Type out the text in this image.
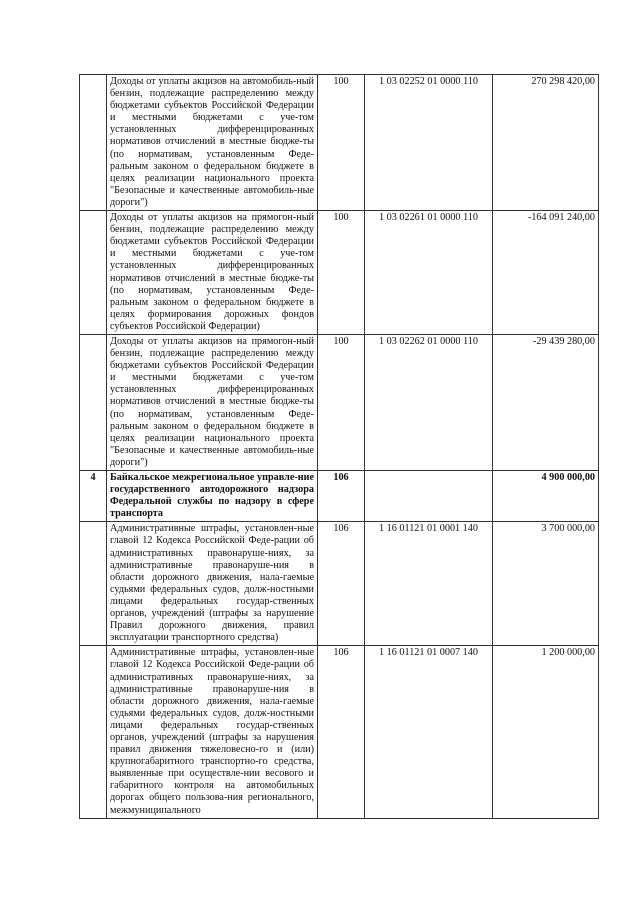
	Доходы от уплаты акцизов на автомобиль-ный бензин, подлежащие распределению между бюджетами субъектов Российской Федерации и местными бюджетами с уче-том установленных дифференцированных нормативов отчислений в местные бюдже-ты (по нормативам, установленным Феде-ральным законом о федеральном бюджете в целях реализации национального проекта "Безопасные и качественные автомобиль-ные дороги")	100	1 03 02252 01 0000 110	270 298 420,00
	Доходы от уплаты акцизов на прямогон-ный бензин, подлежащие распределению между бюджетами субъектов Российской Федерации и местными бюджетами с уче-том установленных дифференцированных нормативов отчислений в местные бюдже-ты (по нормативам, установленным Феде-ральным законом о федеральном бюджете в целях формирования дорожных фондов субъектов Российской Федерации)	100	1 03 02261 01 0000 110	-164 091 240,00
	Доходы от уплаты акцизов на прямогон-ный бензин, подлежащие распределению между бюджетами субъектов Российской Федерации и местными бюджетами с уче-том установленных дифференцированных нормативов отчислений в местные бюдже-ты (по нормативам, установленным Феде-ральным законом о федеральном бюджете в целях реализации национального проекта "Безопасные и качественные автомобиль-ные дороги")	100	1 03 02262 01 0000 110	-29 439 280,00
4	Байкальское межрегиональное управле-ние государственного автодорожного надзора Федеральной службы по надзору в сфере транспорта	106		4 900 000,00
	Административные штрафы, установлен-ные главой 12 Кодекса Российской Феде-рации об административных правонаруше-ниях, за административные правонаруше-ния в области дорожного движения, нала-гаемые судьями федеральных судов, долж-ностными лицами федеральных государ-ственных органов, учреждений (штрафы за нарушение Правил дорожного движения, правил эксплуатации транспортного средства)	106	1 16 01121 01 0001 140	3 700 000,00
	Административные штрафы, установлен-ные главой 12 Кодекса Российской Феде-рации об административных правонаруше-ниях, за административные правонаруше-ния в области дорожного движения, нала-гаемые судьями федеральных судов, долж-ностными лицами федеральных государ-ственных органов, учреждений (штрафы за нарушения правил движения тяжеловесно-го и (или) крупногабаритного транспортно-го средства, выявленные при осуществле-нии весового и габаритного контроля на автомобильных дорогах общего пользова-ния регионального, межмуниципального	106	1 16 01121 01 0007 140	1 200 000,00
